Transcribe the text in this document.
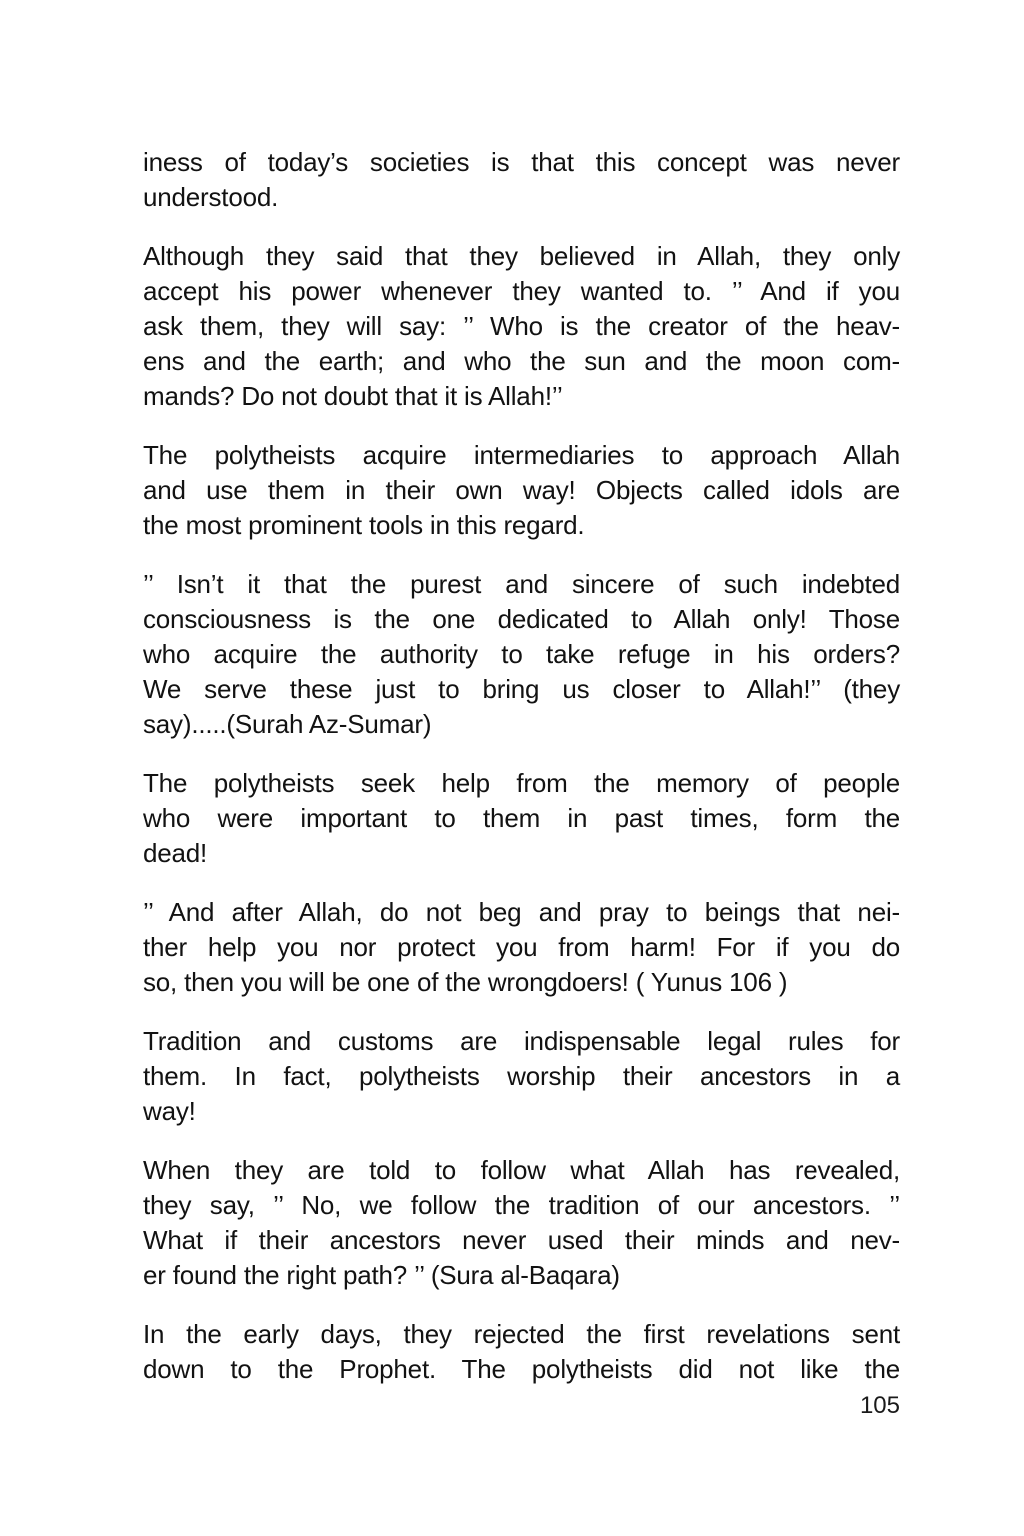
iness of today’s societies is that this concept was never
understood.

Although they said that they believed in Allah, they only
accept his power whenever they wanted to. ’’ And if you
ask them, they will say: ’’ Who is the creator of the heav-
ens and the earth; and who the sun and the moon com-
mands? Do not doubt that it is Allah!’’

The polytheists acquire intermediaries to approach Allah
and use them in their own way! Objects called idols are
the most prominent tools in this regard.

’’ Isn’t it that the purest and sincere of such indebted
consciousness is the one dedicated to Allah only! Those
who acquire the authority to take refuge in his orders?
We serve these just to bring us closer to Allah!’’ (they
say).....(Surah Az-Sumar)

The polytheists seek help from the memory of people
who were important to them in past times, form the
dead!

’’ And after Allah, do not beg and pray to beings that nei-
ther help you nor protect you from harm! For if you do
so, then you will be one of the wrongdoers! ( Yunus 106 )

Tradition and customs are indispensable legal rules for
them. In fact, polytheists worship their ancestors in a
way!

When they are told to follow what Allah has revealed,
they say, ’’ No, we follow the tradition of our ancestors. ’’
What if their ancestors never used their minds and nev-
er found the right path? ’’ (Sura al-Baqara)

In the early days, they rejected the first revelations sent
down to the Prophet. The polytheists did not like the

105
